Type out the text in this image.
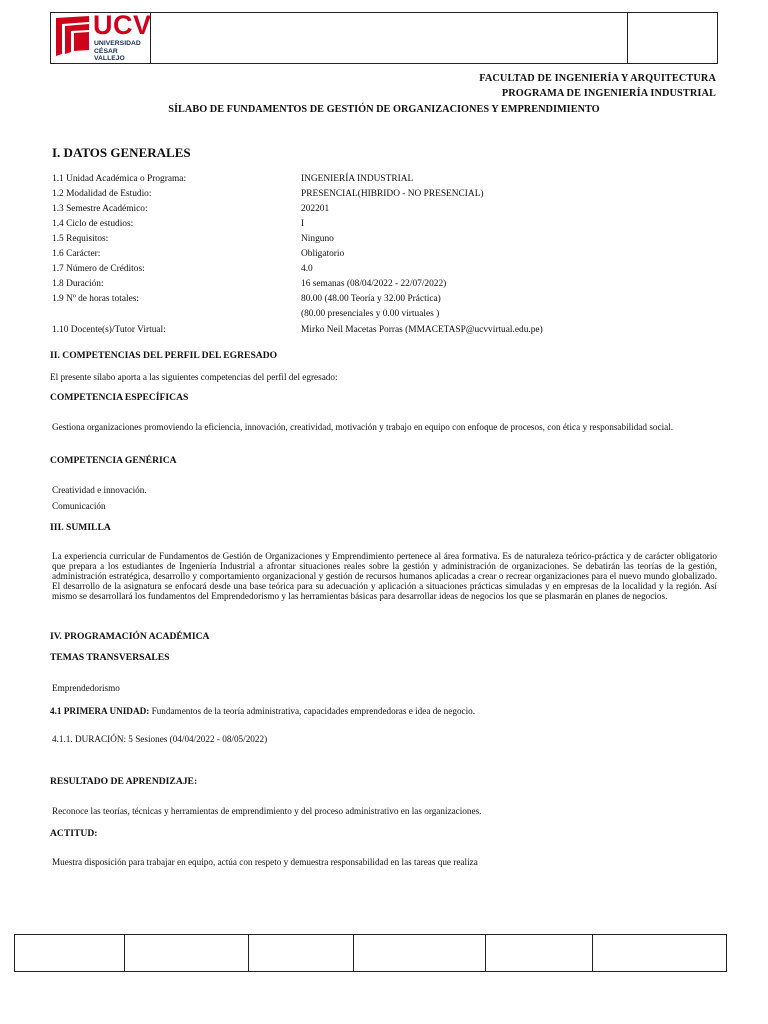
UCV
UNIVERSIDAD
CÉSAR VALLEJO
FACULTAD DE INGENIERÍA Y ARQUITECTURA
PROGRAMA DE INGENIERÍA INDUSTRIAL
SÍLABO DE FUNDAMENTOS DE GESTIÓN DE ORGANIZACIONES Y EMPRENDIMIENTO
I. DATOS GENERALES
1.1 Unidad Académica o Programa:	INGENIERÍA INDUSTRIAL
1.2 Modalidad de Estudio:	PRESENCIAL(HIBRIDO - NO PRESENCIAL)
1.3 Semestre Académico:	202201
1.4 Ciclo de estudios:	I
1.5 Requisitos:	Ninguno
1.6 Carácter:	Obligatorio
1.7 Número de Créditos:	4.0
1.8 Duración:	16 semanas (08/04/2022 - 22/07/2022)
1.9 Nº de horas totales:	80.00 (48.00 Teoría y 32.00 Práctica)
(80.00 presenciales y 0.00 virtuales )
1.10 Docente(s)/Tutor Virtual:	Mirko Neil Macetas Porras (MMACETASP@ucvvirtual.edu.pe)
II. COMPETENCIAS DEL PERFIL DEL EGRESADO
El presente sílabo aporta a las siguientes competencias del perfil del egresado:
COMPETENCIA ESPECÍFICAS
Gestiona organizaciones promoviendo la eficiencia, innovación, creatividad, motivación y trabajo en equipo con enfoque de procesos, con ética y responsabilidad social.
COMPETENCIA GENÉRICA
Creatividad e innovación.
Comunicación
III. SUMILLA
La experiencia curricular de Fundamentos de Gestión de Organizaciones y Emprendimiento pertenece al área formativa. Es de naturaleza teórico-práctica y de carácter obligatorio que prepara a los estudiantes de Ingeniería Industrial a afrontar situaciones reales sobre la gestión y administración de organizaciones. Se debatirán las teorías de la gestión, administración estratégica, desarrollo y comportamiento organizacional y gestión de recursos humanos aplicadas a crear o recrear organizaciones para el nuevo mundo globalizado. El desarrollo de la asignatura se enfocará desde una base teórica para su adecuación y aplicación a situaciones prácticas simuladas y en empresas de la localidad y la región. Así mismo se desarrollará los fundamentos del Emprendedorismo y las herramientas básicas para desarrollar ideas de negocios los que se plasmarán en planes de negocios.
IV. PROGRAMACIÓN ACADÉMICA
TEMAS TRANSVERSALES
Emprendedorismo
4.1 PRIMERA UNIDAD: Fundamentos de la teoría administrativa, capacidades emprendedoras e idea de negocio.
4.1.1. DURACIÓN: 5 Sesiones (04/04/2022 - 08/05/2022)
RESULTADO DE APRENDIZAJE:
Reconoce las teorías, técnicas y herramientas de emprendimiento y del proceso administrativo en las organizaciones.
ACTITUD:
Muestra disposición para trabajar en equipo, actúa con respeto y demuestra responsabilidad en las tareas que realiza
